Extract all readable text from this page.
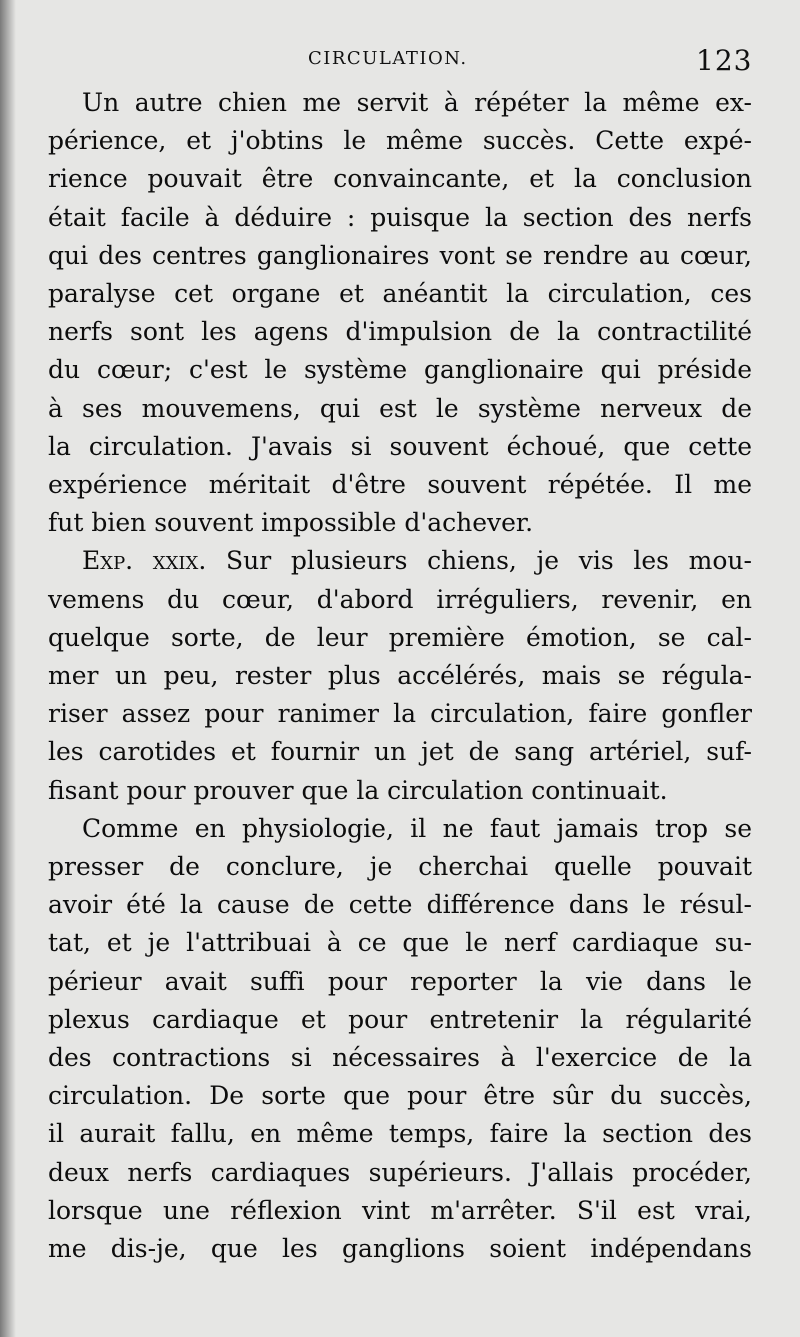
CIRCULATION.	123

Un autre chien me servit à répéter la même ex-
périence, et j'obtins le même succès. Cette expé-
rience pouvait être convaincante, et la conclusion
était facile à déduire : puisque la section des nerfs
qui des centres ganglionaires vont se rendre au cœur,
paralyse cet organe et anéantit la circulation, ces
nerfs sont les agens d'impulsion de la contractilité
du cœur; c'est le système ganglionaire qui préside
à ses mouvemens, qui est le système nerveux de
la circulation. J'avais si souvent échoué, que cette
expérience méritait d'être souvent répétée. Il me
fut bien souvent impossible d'achever.

Exp. xxix. Sur plusieurs chiens, je vis les mou-
vemens du cœur, d'abord irréguliers, revenir, en
quelque sorte, de leur première émotion, se cal-
mer un peu, rester plus accélérés, mais se régula-
riser assez pour ranimer la circulation, faire gonfler
les carotides et fournir un jet de sang artériel, suf-
fisant pour prouver que la circulation continuait.

Comme en physiologie, il ne faut jamais trop se
presser de conclure, je cherchai quelle pouvait
avoir été la cause de cette différence dans le résul-
tat, et je l'attribuai à ce que le nerf cardiaque su-
périeur avait suffi pour reporter la vie dans le
plexus cardiaque et pour entretenir la régularité
des contractions si nécessaires à l'exercice de la
circulation. De sorte que pour être sûr du succès,
il aurait fallu, en même temps, faire la section des
deux nerfs cardiaques supérieurs. J'allais procéder,
lorsque une réflexion vint m'arrêter. S'il est vrai,
me dis-je, que les ganglions soient indépendans
